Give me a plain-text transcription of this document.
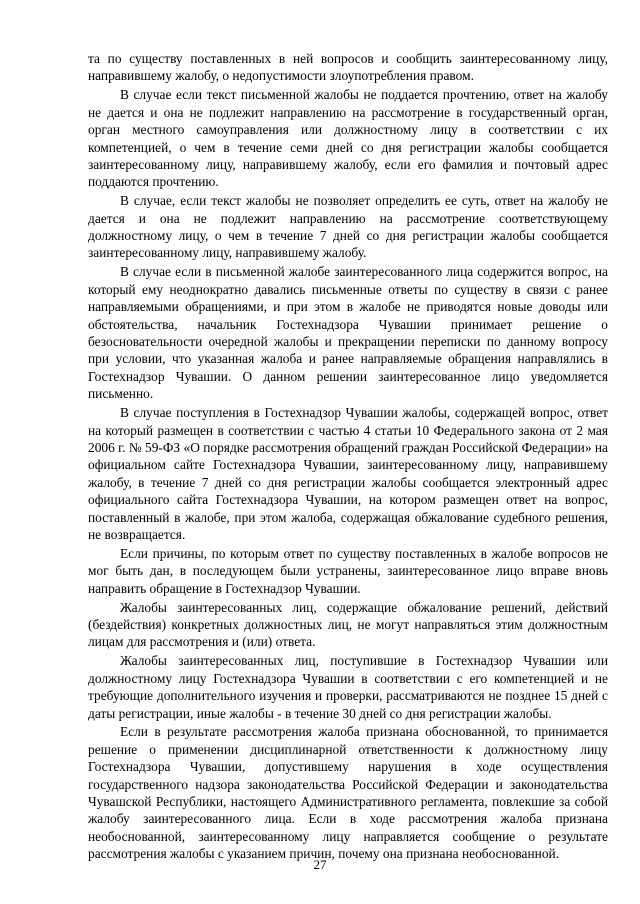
та по существу поставленных в ней вопросов и сообщить заинтересованному лицу, направившему жалобу, о недопустимости злоупотребления правом.

В случае если текст письменной жалобы не поддается прочтению, ответ на жалобу не дается и она не подлежит направлению на рассмотрение в государственный орган, орган местного самоуправления или должностному лицу в соответствии с их компетенцией, о чем в течение семи дней со дня регистрации жалобы сообщается заинтересованному лицу, направившему жалобу, если его фамилия и почтовый адрес поддаются прочтению.

В случае, если текст жалобы не позволяет определить ее суть, ответ на жалобу не дается и она не подлежит направлению на рассмотрение соответствующему должностному лицу, о чем в течение 7 дней со дня регистрации жалобы сообщается заинтересованному лицу, направившему жалобу.

В случае если в письменной жалобе заинтересованного лица содержится вопрос, на который ему неоднократно давались письменные ответы по существу в связи с ранее направляемыми обращениями, и при этом в жалобе не приводятся новые доводы или обстоятельства, начальник Гостехнадзора Чувашии принимает решение о безосновательности очередной жалобы и прекращении переписки по данному вопросу при условии, что указанная жалоба и ранее направляемые обращения направлялись в Гостехнадзор Чувашии. О данном решении заинтересованное лицо уведомляется письменно.

В случае поступления в Гостехнадзор Чувашии жалобы, содержащей вопрос, ответ на который размещен в соответствии с частью 4 статьи 10 Федерального закона от 2 мая 2006 г. № 59-ФЗ «О порядке рассмотрения обращений граждан Российской Федерации» на официальном сайте Гостехнадзора Чувашии, заинтересованному лицу, направившему жалобу, в течение 7 дней со дня регистрации жалобы сообщается электронный адрес официального сайта Гостехнадзора Чувашии, на котором размещен ответ на вопрос, поставленный в жалобе, при этом жалоба, содержащая обжалование судебного решения, не возвращается.

Если причины, по которым ответ по существу поставленных в жалобе вопросов не мог быть дан, в последующем были устранены, заинтересованное лицо вправе вновь направить обращение в Гостехнадзор Чувашии.

Жалобы заинтересованных лиц, содержащие обжалование решений, действий (бездействия) конкретных должностных лиц, не могут направляться этим должностным лицам для рассмотрения и (или) ответа.

Жалобы заинтересованных лиц, поступившие в Гостехнадзор Чувашии или должностному лицу Гостехнадзора Чувашии в соответствии с его компетенцией и не требующие дополнительного изучения и проверки, рассматриваются не позднее 15 дней с даты регистрации, иные жалобы - в течение 30 дней со дня регистрации жалобы.

Если в результате рассмотрения жалоба признана обоснованной, то принимается решение о применении дисциплинарной ответственности к должностному лицу Гостехнадзора Чувашии, допустившему нарушения в ходе осуществления государственного надзора законодательства Российской Федерации и законодательства Чувашской Республики, настоящего Административного регламента, повлекшие за собой жалобу заинтересованного лица. Если в ходе рассмотрения жалоба признана необоснованной, заинтересованному лицу направляется сообщение о результате рассмотрения жалобы с указанием причин, почему она признана необоснованной.

27
